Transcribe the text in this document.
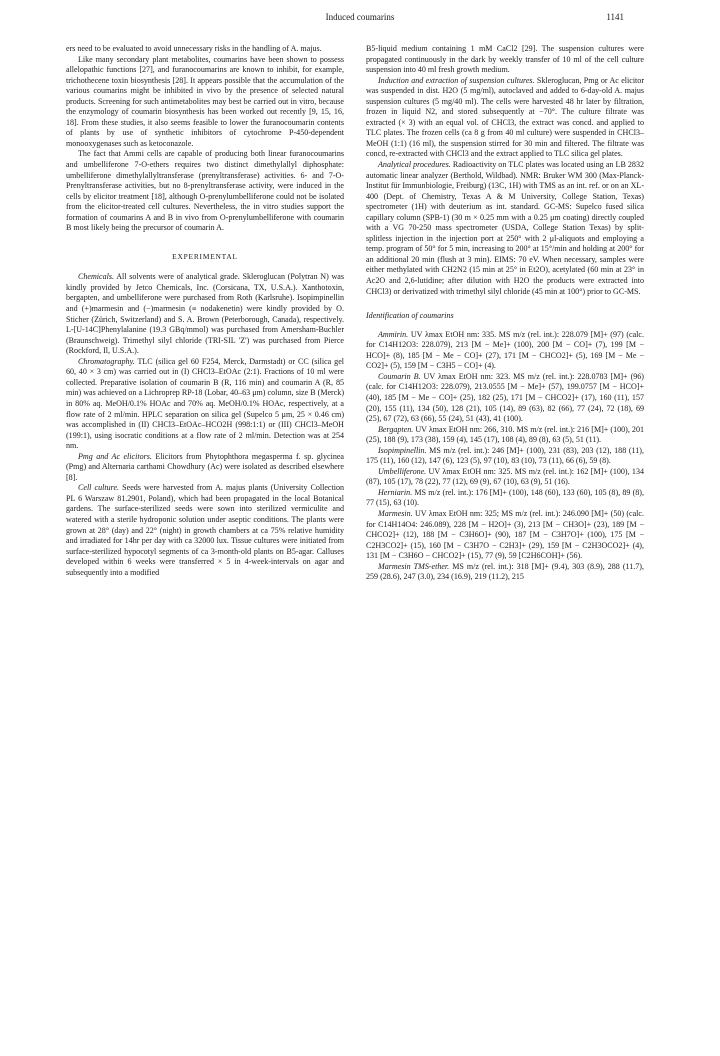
Induced coumarins	1141

ers need to be evaluated to avoid unnecessary risks in the handling of A. majus.

Like many secondary plant metabolites, coumarins have been shown to possess allelopathic functions [27], and furanocoumarins are known to inhibit, for example, trichothecene toxin biosynthesis [28]. It appears possible that the accumulation of the various coumarins might be inhibited in vivo by the presence of selected natural products. Screening for such antimetabolites may best be carried out in vitro, because the enzymology of coumarin biosynthesis has been worked out recently [9, 15, 16, 18]. From these studies, it also seems feasible to lower the furanocoumarin contents of plants by use of synthetic inhibitors of cytochrome P-450-dependent monooxygenases such as ketoconazole.

The fact that Ammi cells are capable of producing both linear furanocoumarins and umbelliferone 7-O-ethers requires two distinct dimethylallyl diphosphate: umbelliferone dimethylallyltransferase (prenyltransferase) activities. 6- and 7-O-Prenyltransferase activities, but no 8-prenyltransferase activity, were induced in the cells by elicitor treatment [18], although O-prenylumbelliferone could not be isolated from the elicitor-treated cell cultures. Nevertheless, the in vitro studies support the formation of coumarins A and B in vivo from O-prenylumbelliferone with coumarin B most likely being the precursor of coumarin A.

EXPERIMENTAL

Chemicals. All solvents were of analytical grade. Skleroglucan (Polytran N) was kindly provided by Jetco Chemicals, Inc. (Corsicana, TX, U.S.A.). Xanthotoxin, bergapten, and umbelliferone were purchased from Roth (Karlsruhe). Isopimpinellin and (+)marmesin and (−)marmesin (≡ nodakenetin) were kindly provided by O. Sticher (Zürich, Switzerland) and S. A. Brown (Peterborough, Canada), respectively. L-[U-14C]Phenylalanine (19.3 GBq/mmol) was purchased from Amersham-Buchler (Braunschweig). Trimethyl silyl chloride (TRI-SIL 'Z') was purchased from Pierce (Rockford, Il, U.S.A.).

Chromatography. TLC (silica gel 60 F254, Merck, Darmstadt) or CC (silica gel 60, 40 × 3 cm) was carried out in (I) CHCl3–EtOAc (2:1). Fractions of 10 ml were collected. Preparative isolation of coumarin B (R, 116 min) and coumarin A (R, 85 min) was achieved on a Lichroprep RP-18 (Lobar, 40–63 μm) column, size B (Merck) in 80% aq. MeOH/0.1% HOAc and 70% aq. MeOH/0.1% HOAc, respectively, at a flow rate of 2 ml/min. HPLC separation on silica gel (Supelco 5 μm, 25 × 0.46 cm) was accomplished in (II) CHCl3–EtOAc–HCO2H (998:1:1) or (III) CHCl3–MeOH (199:1), using isocratic conditions at a flow rate of 2 ml/min. Detection was at 254 nm.

Pmg and Ac elicitors. Elicitors from Phytophthora megasperma f. sp. glycinea (Pmg) and Alternaria carthami Chowdhury (Ac) were isolated as described elsewhere [8].

Cell culture. Seeds were harvested from A. majus plants (University Collection PL 6 Warszaw 81.2901, Poland), which had been propagated in the local Botanical gardens. The surface-sterilized seeds were sown into sterilized vermiculite and watered with a sterile hydroponic solution under aseptic conditions. The plants were grown at 28° (day) and 22° (night) in growth chambers at ca 75% relative humidity and irradiated for 14hr per day with ca 32000 lux. Tissue cultures were initiated from surface-sterilized hypocotyl segments of ca 3-month-old plants on B5-agar. Calluses developed within 6 weeks were transferred × 5 in 4-week-intervals on agar and subsequently into a modified

B5-liquid medium containing 1 mM CaCl2 [29]. The suspension cultures were propagated continuously in the dark by weekly transfer of 10 ml of the cell culture suspension into 40 ml fresh growth medium.

Induction and extraction of suspension cultures. Skleroglucan, Pmg or Ac elicitor was suspended in dist. H2O (5 mg/ml), autoclaved and added to 6-day-old A. majus suspension cultures (5 mg/40 ml). The cells were harvested 48 hr later by filtration, frozen in liquid N2, and stored subsequently at −70°. The culture filtrate was extracted (× 3) with an equal vol. of CHCl3, the extract was concd. and applied to TLC plates. The frozen cells (ca 8 g from 40 ml culture) were suspended in CHCl3–MeOH (1:1) (16 ml), the suspension stirred for 30 min and filtered. The filtrate was concd, re-extracted with CHCl3 and the extract applied to TLC silica gel plates.

Analytical procedures. Radioactivity on TLC plates was located using an LB 2832 automatic linear analyzer (Berthold, Wildbad). NMR: Bruker WM 300 (Max-Planck-Institut für Immunbiologie, Freiburg) (13C, 1H) with TMS as an int. ref. or on an XL-400 (Dept. of Chemistry, Texas A & M University, College Station, Texas) spectrometer (1H) with deuterium as int. standard. GC-MS: Supelco fused silica capillary column (SPB-1) (30 m × 0.25 mm with a 0.25 μm coating) directly coupled with a VG 70-250 mass spectrometer (USDA, College Station Texas) by split-splitless injection in the injection port at 250° with 2 μl-aliquots and employing a temp. program of 50° for 5 min, increasing to 200° at 15°/min and holding at 200° for an additional 20 min (flush at 3 min). EIMS: 70 eV. When necessary, samples were either methylated with CH2N2 (15 min at 25° in Et2O), acetylated (60 min at 23° in Ac2O and 2,6-lutidine; after dilution with H2O the products were extracted into CHCl3) or derivatized with trimethyl silyl chloride (45 min at 100°) prior to GC-MS.

Identification of coumarins

Ammirin. UV λmax EtOH nm: 335. MS m/z (rel. int.): 228.079 [M]+ (97) (calc. for C14H12O3: 228.079), 213 [M − Me]+ (100), 200 [M − CO]+ (7), 199 [M − HCO]+ (8), 185 [M − Me − CO]+ (27), 171 [M − CHCO2]+ (5), 169 [M − Me − CO2]+ (5), 159 [M − C3H5 − CO]+ (4).

Coumarin B. UV λmax EtOH nm: 323. MS m/z (rel. int.): 228.0783 [M]+ (96) (calc. for C14H12O3: 228.079), 213.0555 [M − Me]+ (57), 199.0757 [M − HCO]+ (40), 185 [M − Me − CO]+ (25), 182 (25), 171 [M − CHCO2]+ (17), 160 (11), 157 (20), 155 (11), 134 (50), 128 (21), 105 (14), 89 (63), 82 (66), 77 (24), 72 (18), 69 (25), 67 (72), 63 (66), 55 (24), 51 (43), 41 (100).

Bergapten. UV λmax EtOH nm: 266, 310. MS m/z (rel. int.): 216 [M]+ (100), 201 (25), 188 (9), 173 (38), 159 (4), 145 (17), 108 (4), 89 (8), 63 (5), 51 (11).

Isopimpinellin. MS m/z (rel. int.): 246 [M]+ (100), 231 (83), 203 (12), 188 (11), 175 (11), 160 (12), 147 (6), 123 (5), 97 (10), 83 (10), 73 (11), 66 (6), 59 (8).

Umbelliferone. UV λmax EtOH nm: 325. MS m/z (rel. int.): 162 [M]+ (100), 134 (87), 105 (17), 78 (22), 77 (12), 69 (9), 67 (10), 63 (9), 51 (16).

Herniarin. MS m/z (rel. int.): 176 [M]+ (100), 148 (60), 133 (60), 105 (8), 89 (8), 77 (15), 63 (10).

Marmesin. UV λmax EtOH nm: 325; MS m/z (rel. int.): 246.090 [M]+ (50) (calc. for C14H14O4: 246.089), 228 [M − H2O]+ (3), 213 [M − CH3O]+ (23), 189 [M − CHCO2]+ (12), 188 [M − C3H6O]+ (90), 187 [M − C3H7O]+ (100), 175 [M − C2H3CO2]+ (15), 160 [M − C3H7O − C2H3]+ (29), 159 [M − C2H3OCO2]+ (4), 131 [M − C3H6O − CHCO2]+ (15), 77 (9), 59 [C2H6COH]+ (56).

Marmesin TMS-ether. MS m/z (rel. int.): 318 [M]+ (9.4), 303 (8.9), 288 (11.7), 259 (28.6), 247 (3.0), 234 (16.9), 219 (11.2), 215
